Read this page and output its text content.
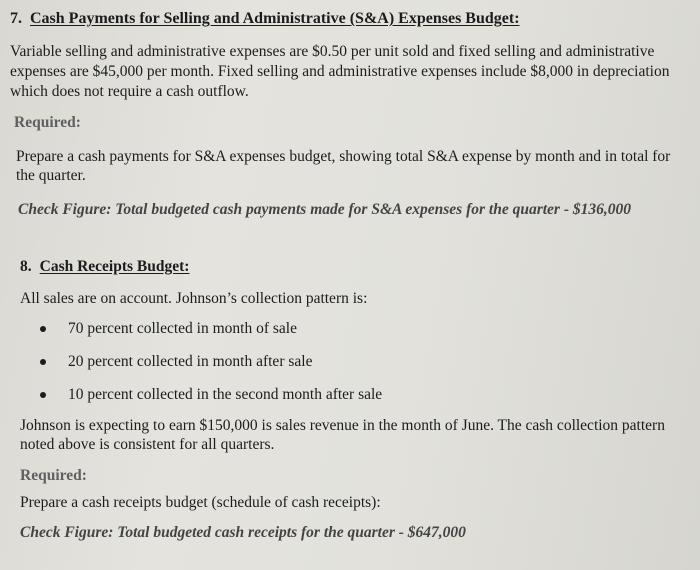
7. Cash Payments for Selling and Administrative (S&A) Expenses Budget:
Variable selling and administrative expenses are $0.50 per unit sold and fixed selling and administrative
expenses are $45,000 per month. Fixed selling and administrative expenses include $8,000 in depreciation
which does not require a cash outflow.
Required:
Prepare a cash payments for S&A expenses budget, showing total S&A expense by month and in total for
the quarter.
Check Figure: Total budgeted cash payments made for S&A expenses for the quarter - $136,000
8. Cash Receipts Budget:
All sales are on account. Johnson’s collection pattern is:
70 percent collected in month of sale
20 percent collected in month after sale
10 percent collected in the second month after sale
Johnson is expecting to earn $150,000 is sales revenue in the month of June. The cash collection pattern
noted above is consistent for all quarters.
Required:
Prepare a cash receipts budget (schedule of cash receipts):
Check Figure: Total budgeted cash receipts for the quarter - $647,000
